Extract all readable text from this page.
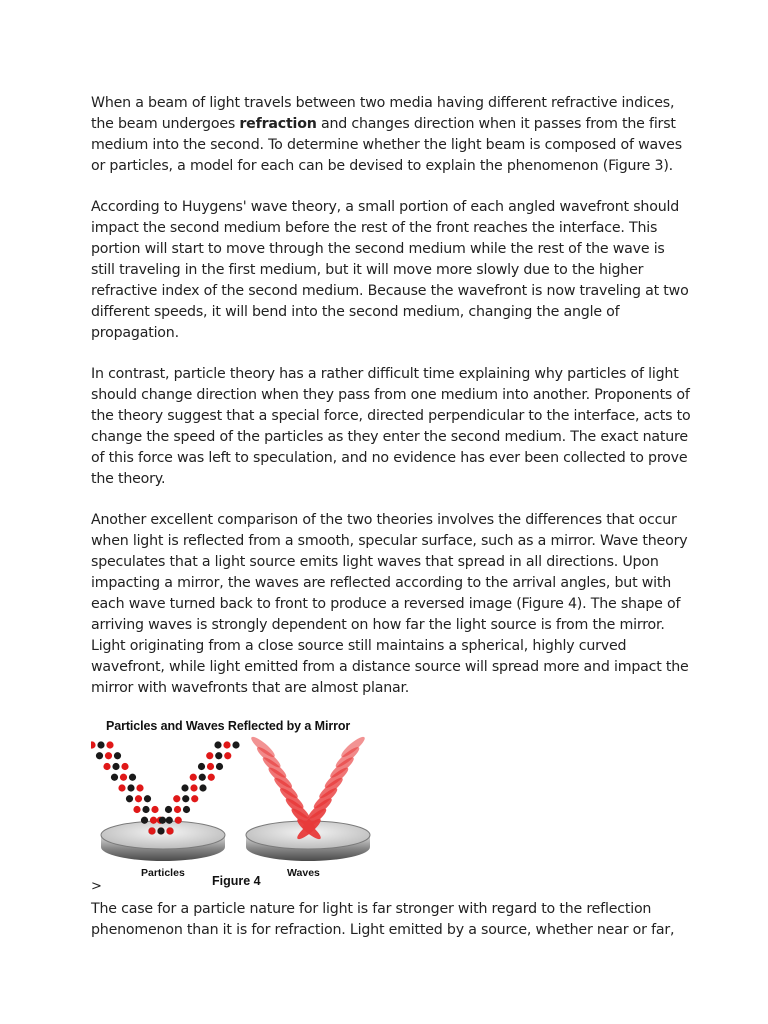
When a beam of light travels between two media having different refractive indices, the beam undergoes refraction and changes direction when it passes from the first medium into the second. To determine whether the light beam is composed of waves or particles, a model for each can be devised to explain the phenomenon (Figure 3).

According to Huygens' wave theory, a small portion of each angled wavefront should impact the second medium before the rest of the front reaches the interface. This portion will start to move through the second medium while the rest of the wave is still traveling in the first medium, but it will move more slowly due to the higher refractive index of the second medium. Because the wavefront is now traveling at two different speeds, it will bend into the second medium, changing the angle of propagation.

In contrast, particle theory has a rather difficult time explaining why particles of light should change direction when they pass from one medium into another. Proponents of the theory suggest that a special force, directed perpendicular to the interface, acts to change the speed of the particles as they enter the second medium. The exact nature of this force was left to speculation, and no evidence has ever been collected to prove the theory.

Another excellent comparison of the two theories involves the differences that occur when light is reflected from a smooth, specular surface, such as a mirror. Wave theory speculates that a light source emits light waves that spread in all directions. Upon impacting a mirror, the waves are reflected according to the arrival angles, but with each wave turned back to front to produce a reversed image (Figure 4). The shape of arriving waves is strongly dependent on how far the light source is from the mirror. Light originating from a close source still maintains a spherical, highly curved wavefront, while light emitted from a distance source will spread more and impact the mirror with wavefronts that are almost planar.

Particles and Waves Reflected by a Mirror
Particles	Waves
Figure 4
>

The case for a particle nature for light is far stronger with regard to the reflection phenomenon than it is for refraction. Light emitted by a source, whether near or far,
